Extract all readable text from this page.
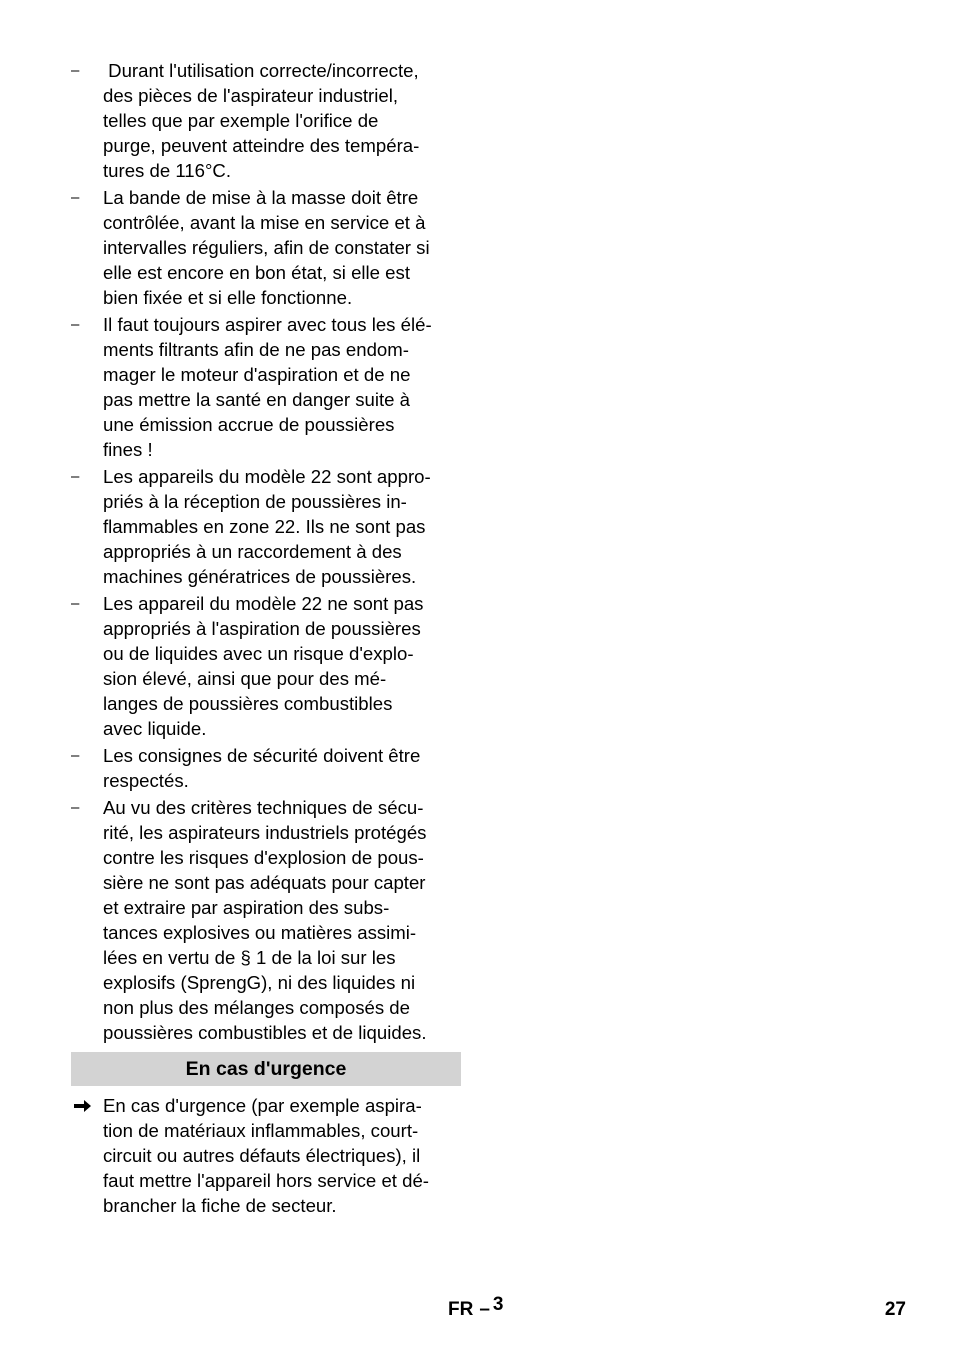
–	Durant l'utilisation correcte/incorrecte,
des pièces de l'aspirateur industriel,
telles que par exemple l'orifice de
purge, peuvent atteindre des tempéra-
tures de 116°C.
–	La bande de mise à la masse doit être
contrôlée, avant la mise en service et à
intervalles réguliers, afin de constater si
elle est encore en bon état, si elle est
bien fixée et si elle fonctionne.
–	Il faut toujours aspirer avec tous les élé-
ments filtrants afin de ne pas endom-
mager le moteur d'aspiration et de ne
pas mettre la santé en danger suite à
une émission accrue de poussières
fines !
–	Les appareils du modèle 22 sont appro-
priés à la réception de poussières in-
flammables en zone 22. Ils ne sont pas
appropriés à un raccordement à des
machines génératrices de poussières.
–	Les appareil du modèle 22 ne sont pas
appropriés à l'aspiration de poussières
ou de liquides avec un risque d'explo-
sion élevé, ainsi que pour des mé-
langes de poussières combustibles
avec liquide.
–	Les consignes de sécurité doivent être
respectés.
–	Au vu des critères techniques de sécu-
rité, les aspirateurs industriels protégés
contre les risques d'explosion de pous-
sière ne sont pas adéquats pour capter
et extraire par aspiration des subs-
tances explosives ou matières assimi-
lées en vertu de § 1 de la loi sur les
explosifs (SprengG), ni des liquides ni
non plus des mélanges composés de
poussières combustibles et de liquides.
En cas d'urgence
En cas d'urgence (par exemple aspira-
tion de matériaux inflammables, court-
circuit ou autres défauts électriques), il
faut mettre l'appareil hors service et dé-
brancher la fiche de secteur.
FR – 3	27
